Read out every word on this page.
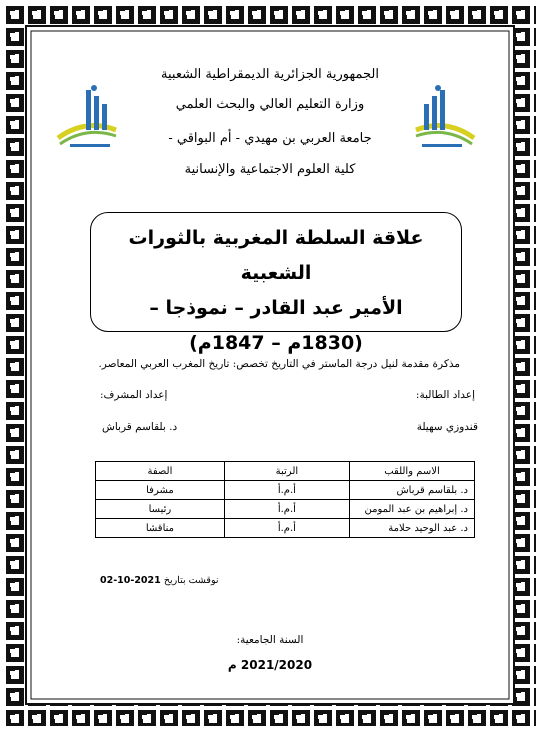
الجمهورية الجزائرية الديمقراطية الشعبية
وزارة التعليم العالي والبحث العلمي
جامعة العربي بن مهيدي - أم البواقي -
كلية العلوم الاجتماعية والإنسانية
علاقة السلطة المغربية بالثورات الشعبية
الأمير عبد القادر – نموذجا –
(1830م – 1847م)
مذكرة مقدمة لنيل درجة الماستر في التاريخ تخصص: تاريخ المغرب العربي المعاصر.
إعداد الطالبة:
إعداد المشرف:
قندوزي سهيلة
د. بلقاسم قرباش
الاسم واللقب	الرتبة	الصفة
د. بلقاسم قرباش	أ.م.أ	مشرفا
د. إبراهيم بن عبد المومن	أ.م.أ	رئيسا
د. عبد الوحيد حلامة	أ.م.أ	مناقشا
نوقشت بتاريخ 02-10-2021
السنة الجامعية:
2021/2020 م
